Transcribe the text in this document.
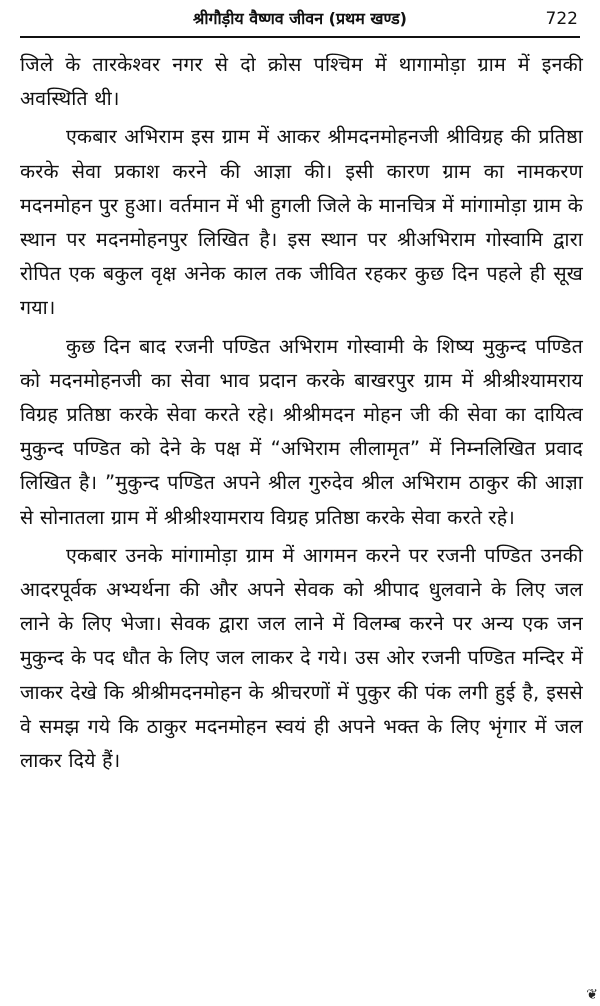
श्रीगौड़ीय वैष्णव जीवन (प्रथम खण्ड)	722

जिले के तारकेश्वर नगर से दो क्रोस पश्चिम में थागामोड़ा ग्राम में इनकी अवस्थिति थी।

एकबार अभिराम इस ग्राम में आकर श्रीमदनमोहनजी श्रीविग्रह की प्रतिष्ठा करके सेवा प्रकाश करने की आज्ञा की। इसी कारण ग्राम का नामकरण मदनमोहन पुर हुआ। वर्तमान में भी हुगली जिले के मानचित्र में मांगामोड़ा ग्राम के स्थान पर मदनमोहनपुर लिखित है। इस स्थान पर श्रीअभिराम गोस्वामि द्वारा रोपित एक बकुल वृक्ष अनेक काल तक जीवित रहकर कुछ दिन पहले ही सूख गया।

कुछ दिन बाद रजनी पण्डित अभिराम गोस्वामी के शिष्य मुकुन्द पण्डित को मदनमोहनजी का सेवा भाव प्रदान करके बाखरपुर ग्राम में श्रीश्रीश्यामराय विग्रह प्रतिष्ठा करके सेवा करते रहे। श्रीश्रीमदन मोहन जी की सेवा का दायित्व मुकुन्द पण्डित को देने के पक्ष में “अभिराम लीलामृत” में निम्नलिखित प्रवाद लिखित है। ”मुकुन्द पण्डित अपने श्रील गुरुदेव श्रील अभिराम ठाकुर की आज्ञा से सोनातला ग्राम में श्रीश्रीश्यामराय विग्रह प्रतिष्ठा करके सेवा करते रहे।

एकबार उनके मांगामोड़ा ग्राम में आगमन करने पर रजनी पण्डित उनकी आदरपूर्वक अभ्यर्थना की और अपने सेवक को श्रीपाद धुलवाने के लिए जल लाने के लिए भेजा। सेवक द्वारा जल लाने में विलम्ब करने पर अन्य एक जन मुकुन्द के पद धौत के लिए जल लाकर दे गये। उस ओर रजनी पण्डित मन्दिर में जाकर देखे कि श्रीश्रीमदनमोहन के श्रीचरणों में पुकुर की पंक लगी हुई है, इससे वे समझ गये कि ठाकुर मदनमोहन स्वयं ही अपने भक्त के लिए भृंगार में जल लाकर दिये हैं।

❦
